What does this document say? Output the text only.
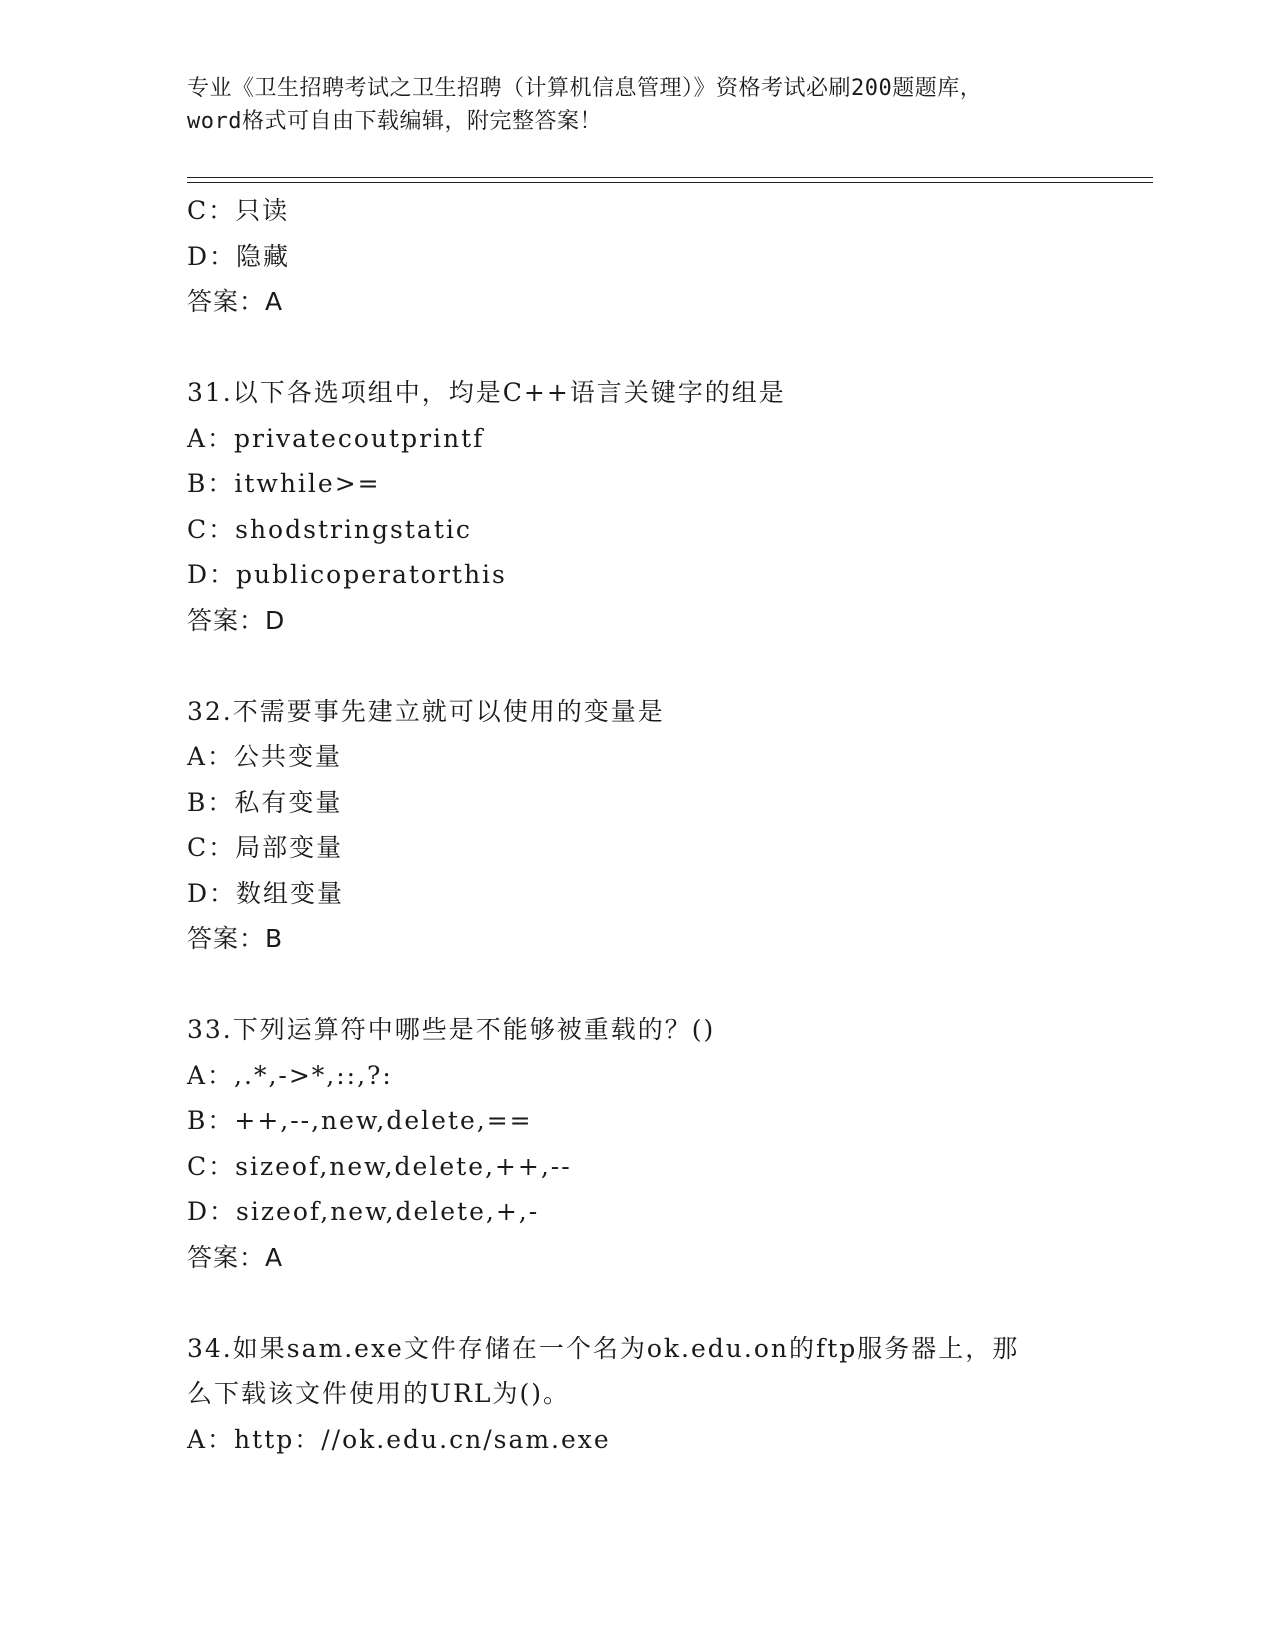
专业《卫生招聘考试之卫生招聘（计算机信息管理）》资格考试必刷200题题库，
word格式可自由下载编辑，附完整答案！
C：只读
D：隐藏
答案：A
31.以下各选项组中，均是C++语言关键字的组是
A：privatecoutprintf
B：itwhile>=
C：shodstringstatic
D：publicoperatorthis
答案：D
32.不需要事先建立就可以使用的变量是
A：公共变量
B：私有变量
C：局部变量
D：数组变量
答案：B
33.下列运算符中哪些是不能够被重载的？()
A：,.*,->*,::,?:
B：++,--,new,delete,==
C：sizeof,new,delete,++,--
D：sizeof,new,delete,+,-
答案：A
34.如果sam.exe文件存储在一个名为ok.edu.on的ftp服务器上，那
么下载该文件使用的URL为()。
A：http：//ok.edu.cn/sam.exe
